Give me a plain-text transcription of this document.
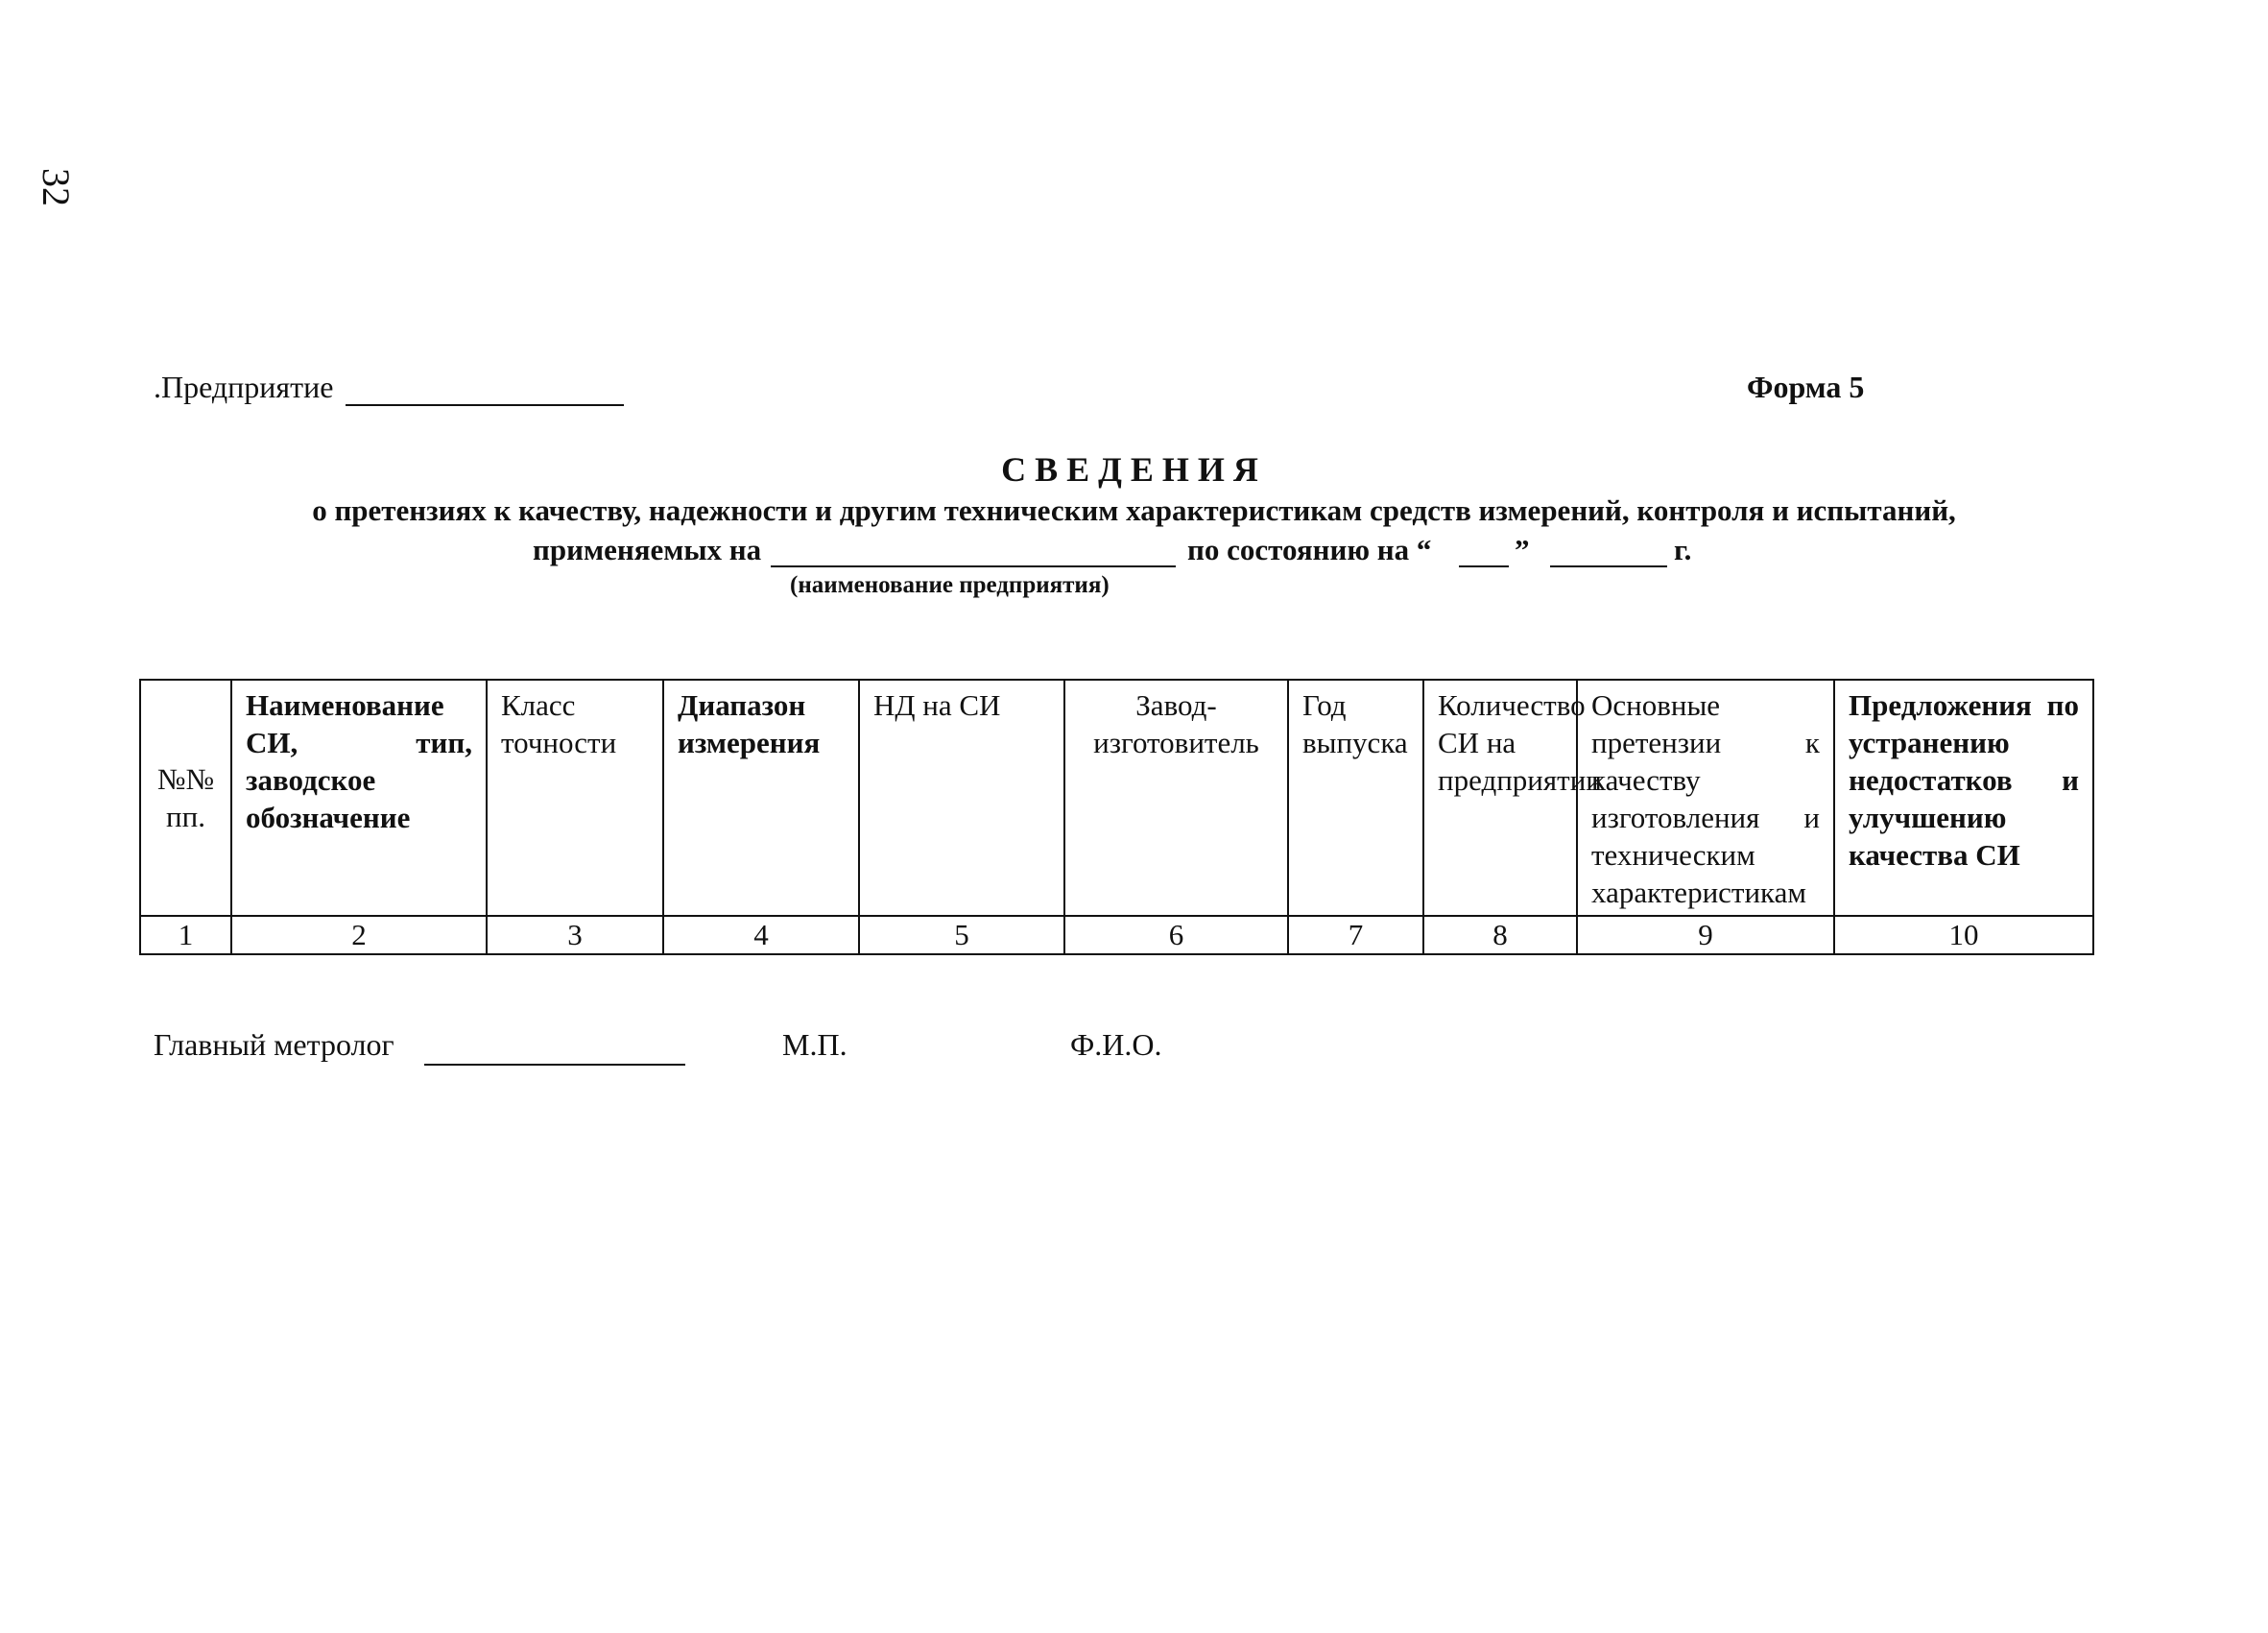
32
.Предприятие	Форма 5
СВЕДЕНИЯ
о претензиях к качеству, надежности и другим техническим характеристикам средств измерений, контроля и испытаний,
применяемых на	по состоянию на “	”	г.
(наименование предприятия)
№№ пп.	Наименование СИ, тип, заводское обозначение	Класс точности	Диапазон измерения	НД на СИ	Завод-изготовитель	Год выпуска	Количество СИ на предприятии	Основные претензии к качеству изготовления и техническим характеристикам	Предложения по устранению недостатков и улучшению качества СИ
1	2	3	4	5	6	7	8	9	10
Главный метролог	М.П.	Ф.И.О.
